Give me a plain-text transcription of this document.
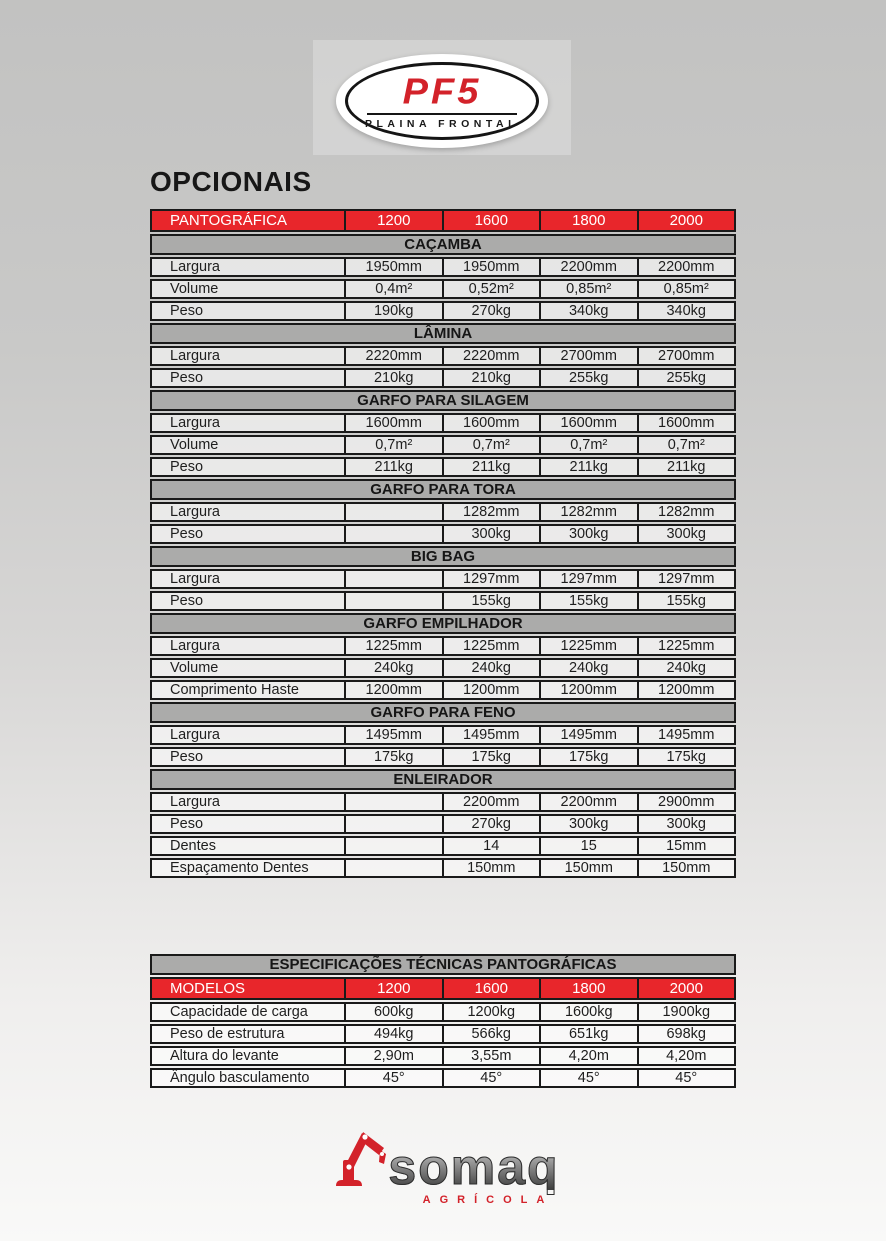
PF5
PLAINA FRONTAL
OPCIONAIS
PANTOGRÁFICA	1200	1600	1800	2000
CAÇAMBA				
Largura	1950mm	1950mm	2200mm	2200mm
Volume	0,4m²	0,52m²	0,85m²	0,85m²
Peso	190kg	270kg	340kg	340kg
LÂMINA				
Largura	2220mm	2220mm	2700mm	2700mm
Peso	210kg	210kg	255kg	255kg
GARFO PARA SILAGEM				
Largura	1600mm	1600mm	1600mm	1600mm
Volume	0,7m²	0,7m²	0,7m²	0,7m²
Peso	211kg	211kg	211kg	211kg
GARFO PARA TORA				
Largura		1282mm	1282mm	1282mm
Peso		300kg	300kg	300kg
BIG BAG				
Largura		1297mm	1297mm	1297mm
Peso		155kg	155kg	155kg
GARFO EMPILHADOR				
Largura	1225mm	1225mm	1225mm	1225mm
Volume	240kg	240kg	240kg	240kg
Comprimento Haste	1200mm	1200mm	1200mm	1200mm
GARFO PARA FENO				
Largura	1495mm	1495mm	1495mm	1495mm
Peso	175kg	175kg	175kg	175kg
ENLEIRADOR				
Largura		2200mm	2200mm	2900mm
Peso		270kg	300kg	300kg
Dentes		14	15	15mm
Espaçamento Dentes		150mm	150mm	150mm
ESPECIFICAÇÕES TÉCNICAS PANTOGRÁFICAS				
MODELOS	1200	1600	1800	2000
Capacidade de carga	600kg	1200kg	1600kg	1900kg
Peso de estrutura	494kg	566kg	651kg	698kg
Altura do levante	2,90m	3,55m	4,20m	4,20m
Ângulo basculamento	45°	45°	45°	45°
somaq
AGRÍCOLA
